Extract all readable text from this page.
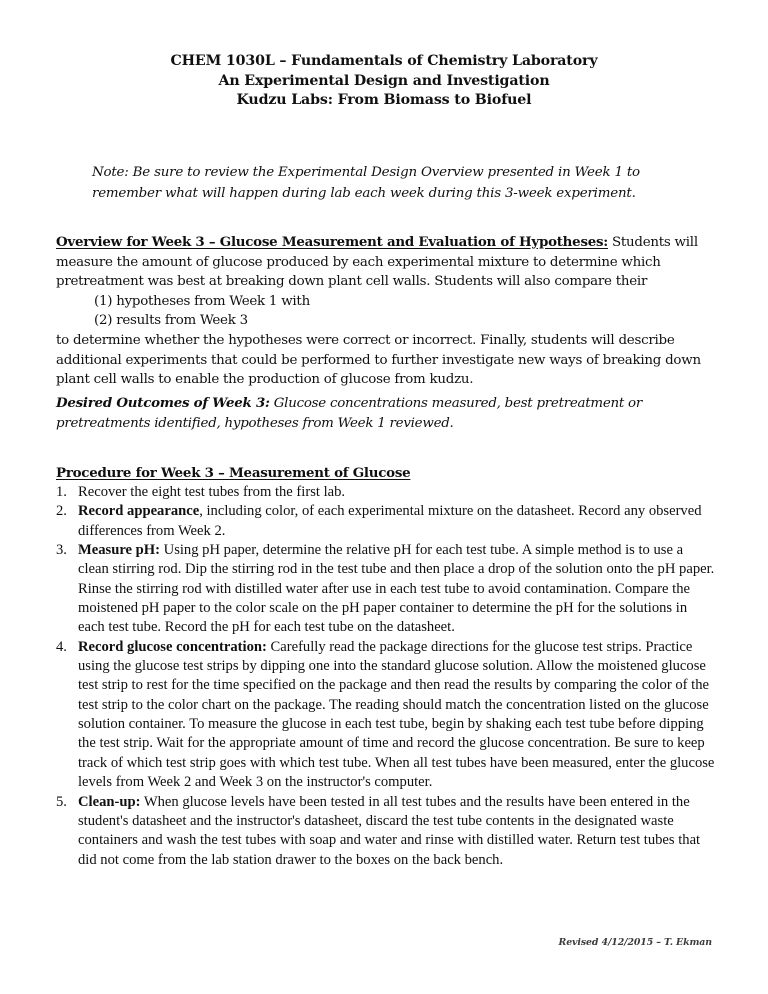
CHEM 1030L – Fundamentals of Chemistry Laboratory
An Experimental Design and Investigation
Kudzu Labs: From Biomass to Biofuel
Note: Be sure to review the Experimental Design Overview presented in Week 1 to remember what will happen during lab each week during this 3-week experiment.
Overview for Week 3 – Glucose Measurement and Evaluation of Hypotheses: Students will measure the amount of glucose produced by each experimental mixture to determine which pretreatment was best at breaking down plant cell walls. Students will also compare their
(1) hypotheses from Week 1 with
(2) results from Week 3
to determine whether the hypotheses were correct or incorrect. Finally, students will describe additional experiments that could be performed to further investigate new ways of breaking down plant cell walls to enable the production of glucose from kudzu.
Desired Outcomes of Week 3: Glucose concentrations measured, best pretreatment or pretreatments identified, hypotheses from Week 1 reviewed.
Procedure for Week 3 – Measurement of Glucose
1. Recover the eight test tubes from the first lab.
2. Record appearance, including color, of each experimental mixture on the datasheet. Record any observed differences from Week 2.
3. Measure pH: Using pH paper, determine the relative pH for each test tube. A simple method is to use a clean stirring rod. Dip the stirring rod in the test tube and then place a drop of the solution onto the pH paper. Rinse the stirring rod with distilled water after use in each test tube to avoid contamination. Compare the moistened pH paper to the color scale on the pH paper container to determine the pH for the solutions in each test tube. Record the pH for each test tube on the datasheet.
4. Record glucose concentration: Carefully read the package directions for the glucose test strips. Practice using the glucose test strips by dipping one into the standard glucose solution. Allow the moistened glucose test strip to rest for the time specified on the package and then read the results by comparing the color of the test strip to the color chart on the package. The reading should match the concentration listed on the glucose solution container. To measure the glucose in each test tube, begin by shaking each test tube before dipping the test strip. Wait for the appropriate amount of time and record the glucose concentration. Be sure to keep track of which test strip goes with which test tube. When all test tubes have been measured, enter the glucose levels from Week 2 and Week 3 on the instructor's computer.
5. Clean-up: When glucose levels have been tested in all test tubes and the results have been entered in the student's datasheet and the instructor's datasheet, discard the test tube contents in the designated waste containers and wash the test tubes with soap and water and rinse with distilled water. Return test tubes that did not come from the lab station drawer to the boxes on the back bench.
Revised 4/12/2015 – T. Ekman
